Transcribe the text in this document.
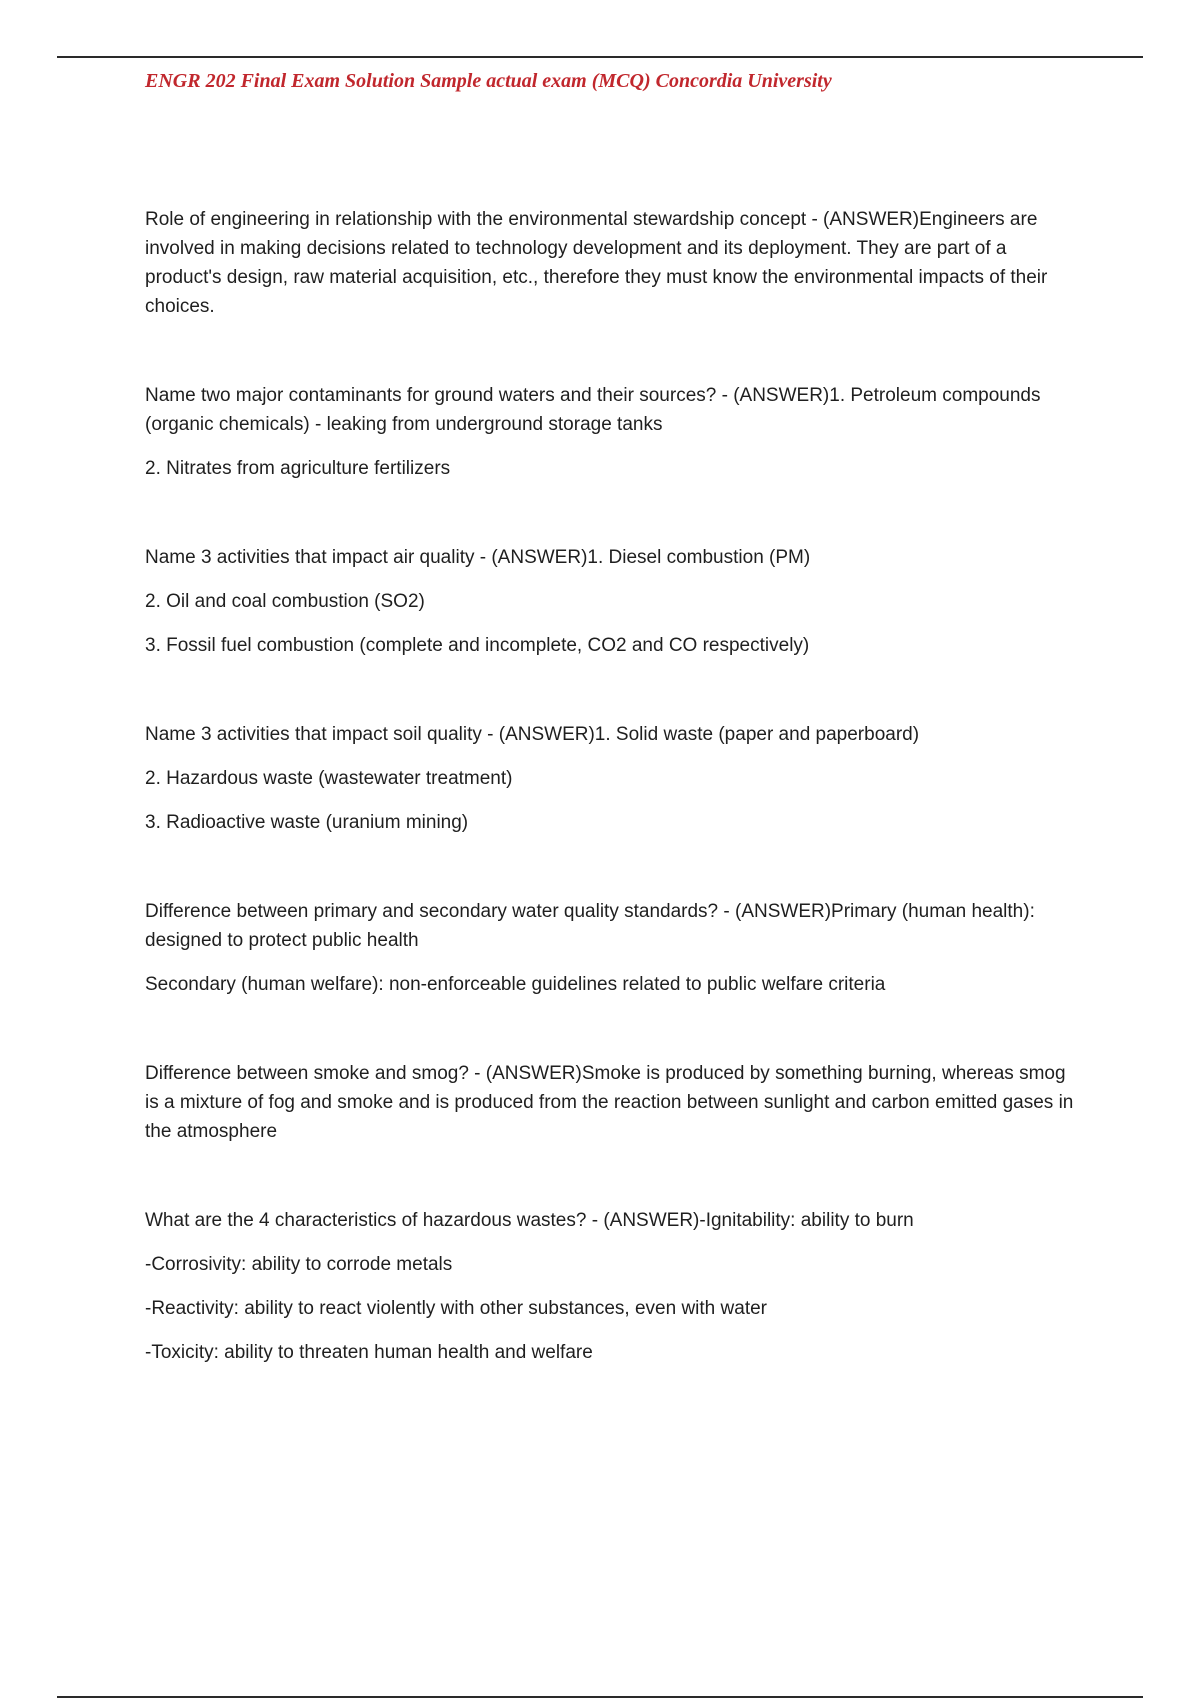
ENGR 202 Final Exam Solution Sample actual exam (MCQ) Concordia University

Role of engineering in relationship with the environmental stewardship concept - (ANSWER)Engineers are involved in making decisions related to technology development and its deployment. They are part of a product's design, raw material acquisition, etc., therefore they must know the environmental impacts of their choices.

Name two major contaminants for ground waters and their sources? - (ANSWER)1. Petroleum compounds (organic chemicals) - leaking from underground storage tanks

2. Nitrates from agriculture fertilizers

Name 3 activities that impact air quality - (ANSWER)1. Diesel combustion (PM)

2. Oil and coal combustion (SO2)

3. Fossil fuel combustion (complete and incomplete, CO2 and CO respectively)

Name 3 activities that impact soil quality - (ANSWER)1. Solid waste (paper and paperboard)

2. Hazardous waste (wastewater treatment)

3. Radioactive waste (uranium mining)

Difference between primary and secondary water quality standards? - (ANSWER)Primary (human health): designed to protect public health

Secondary (human welfare): non-enforceable guidelines related to public welfare criteria

Difference between smoke and smog? - (ANSWER)Smoke is produced by something burning, whereas smog is a mixture of fog and smoke and is produced from the reaction between sunlight and carbon emitted gases in the atmosphere

What are the 4 characteristics of hazardous wastes? - (ANSWER)-Ignitability: ability to burn

-Corrosivity: ability to corrode metals

-Reactivity: ability to react violently with other substances, even with water

-Toxicity: ability to threaten human health and welfare
